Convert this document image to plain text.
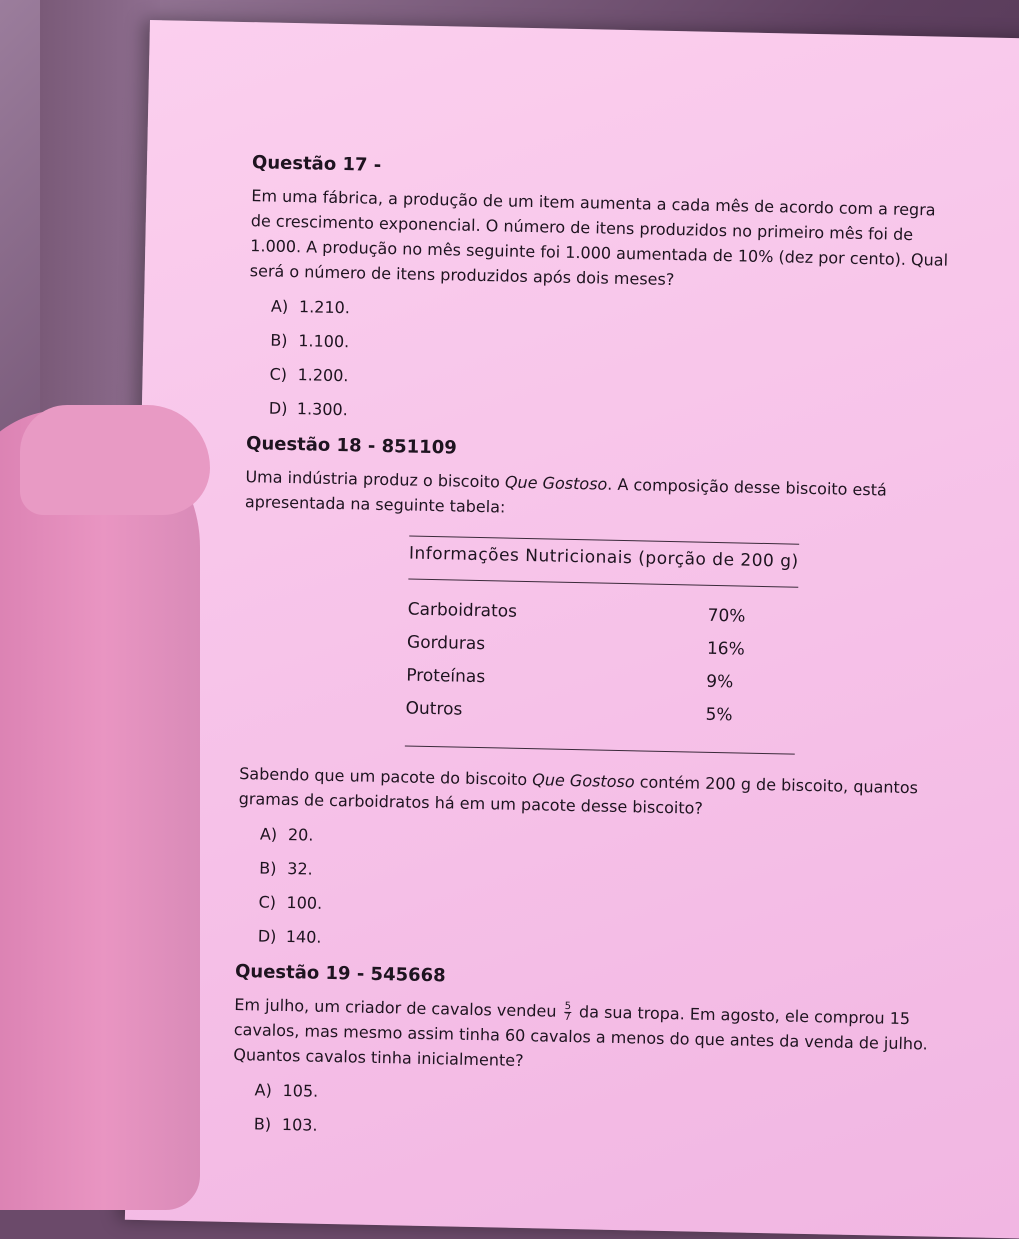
Questão 17 -

Em uma fábrica, a produção de um item aumenta a cada mês de acordo com a regra de crescimento exponencial. O número de itens produzidos no primeiro mês foi de 1.000. A produção no mês seguinte foi 1.000 aumentada de 10% (dez por cento). Qual será o número de itens produzidos após dois meses?

A) 1.210.
B) 1.100.
C) 1.200.
D) 1.300.

Questão 18 - 851109

Uma indústria produz o biscoito Que Gostoso. A composição desse biscoito está apresentada na seguinte tabela:

Informações Nutricionais (porção de 200 g)
Carboidratos	70%
Gorduras	16%
Proteínas	9%
Outros	5%

Sabendo que um pacote do biscoito Que Gostoso contém 200 g de biscoito, quantos gramas de carboidratos há em um pacote desse biscoito?

A) 20.
B) 32.
C) 100.
D) 140.

Questão 19 - 545668

Em julho, um criador de cavalos vendeu $\frac{5}{7}$ da sua tropa. Em agosto, ele comprou 15 cavalos, mas mesmo assim tinha 60 cavalos a menos do que antes da venda de julho. Quantos cavalos tinha inicialmente?

A) 105.
B) 103.
